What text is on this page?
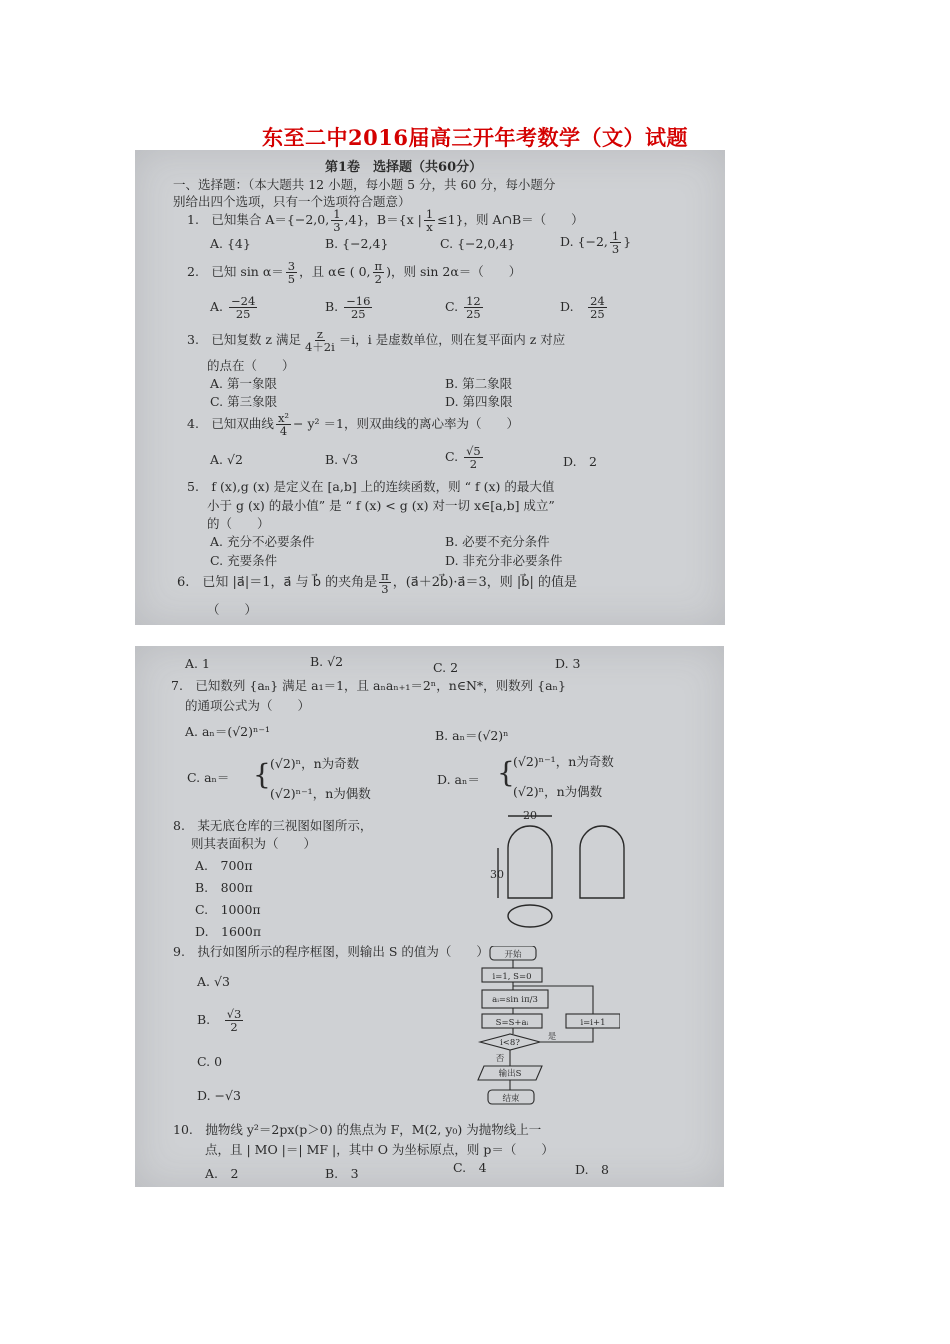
东至二中2016届高三开年考数学（文）试题
第1卷　选择题（共60分）
一、选择题：（本大题共 12 小题，每小题 5 分，共 60 分，每小题分
别给出四个选项，只有一个选项符合题意）
1.　已知集合 A＝{−2,0, $\frac{1}{3} ,4$}，B＝{x | $\frac{1}{x} \le 1$}，则 A∩B＝（　　）
A. {4}	B. {−2,4}	C. {−2,0,4}	D. {−2, $\frac{1}{3}$ }
2.　已知 $\sin \alpha= \frac{3}{5}$ ，且 α∈ ( 0, $\frac{\pi}{2}$ )，则 sin 2α＝（　　）
A. $\frac{-24}{25}$	B. $\frac{-16}{25}$	C. $\frac{12}{25}$	D.　 $\frac{24}{25}$
3.　已知复数 z 满足 $\frac{z}{4+2i} =i$，i 是虚数单位，则在复平面内 z 对应
的点在（　　）
A. 第一象限	B. 第二象限
C. 第三象限	D. 第四象限
4.　已知双曲线 $\frac{\text{x²}}{4} - y^2 =1$，则双曲线的离心率为（　　）
A. √2	B. √3	C. $\frac{√5}{2}$	D.　2
5.　f (x),g (x) 是定义在 [a,b] 上的连续函数，则 “ f (x) 的最大值
小于 g (x) 的最小值” 是 “ f (x) < g (x) 对一切 x∈[a,b] 成立”
的（　　）
A. 充分不必要条件	B. 必要不充分条件
C. 充要条件	D. 非充分非必要条件
6.　已知 |a⃗|＝1，a⃗ 与 b⃗ 的夹角是 $\frac{\pi}{3}$ ，(a⃗＋2b⃗)·a⃗＝3，则 |b⃗| 的值是
（　　）
A. 1	B. √2	C. 2	D. 3
7.　已知数列 {aₙ} 满足 a₁＝1，且 aₙaₙ₊₁＝2ⁿ，n∈N*，则数列 {aₙ}
的通项公式为（　　）
A. aₙ＝(√2)ⁿ⁻¹	B. aₙ＝(√2)ⁿ
C. aₙ＝ { (√2)ⁿ，n为奇数
(√2)ⁿ⁻¹，n为偶数
D. aₙ＝ {
(√2)ⁿ⁻¹，n为奇数
(√2)ⁿ，n为偶数
8.　某无底仓库的三视图如图所示，
则其表面积为（　　）
A.　700π
B.　800π
C.　1000π
D.　1600π
20
30
9.　执行如图所示的程序框图，则输出 S 的值为（　　）
A. √3
B.　 $\frac{√3}{2}$
C. 0
D. −√3
开始
i=1, S=0
aᵢ=sin iπ/3
S=S+aᵢ	i=i+1
i<8?
是
否
输出S
结束
10.　抛物线 y²＝2px(p＞0) 的焦点为 F，M(2, y₀) 为抛物线上一
点，且 | MO |＝| MF |，其中 O 为坐标原点，则 p＝（　　）
A.　2	B.　3	C.　4	D.　8
